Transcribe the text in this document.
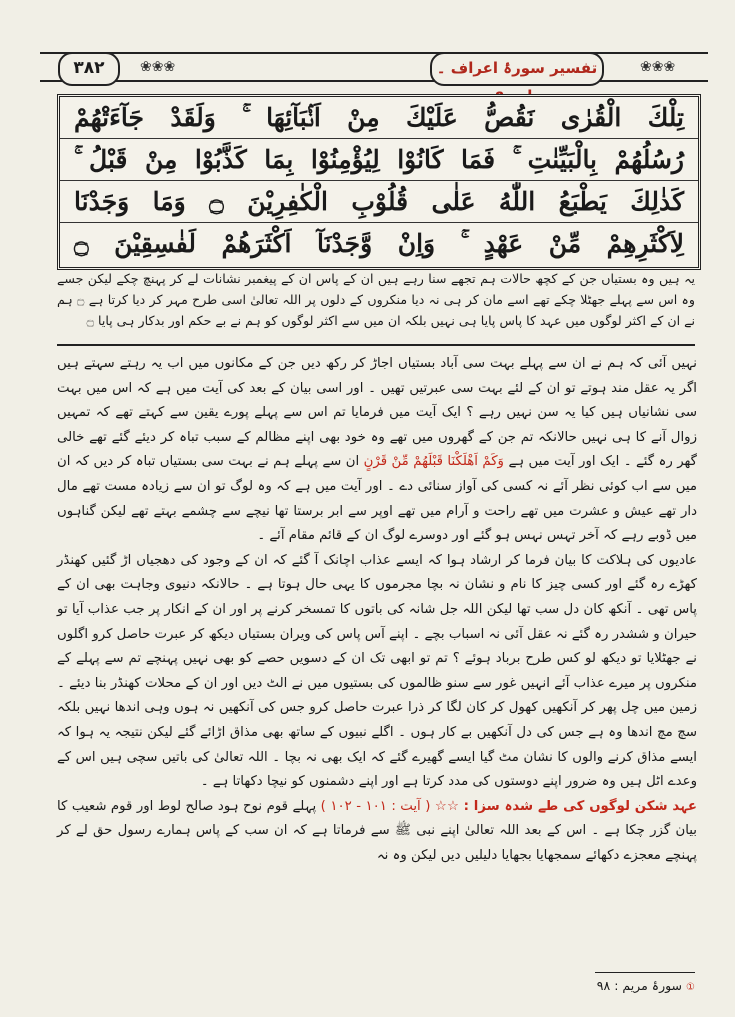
❀❀❀	❀❀❀
۳۸۲	تفسیر سورۂ اعراف ۔
تِلْكَ الْقُرٰى نَقُصُّ عَلَيْكَ مِنْ اَنْۢبَآئِهَا ۚ وَلَقَدْ جَآءَتْهُمْ
رُسُلُهُمْ بِالْبَيِّنٰتِ ۚ فَمَا كَانُوْا لِيُؤْمِنُوْا بِمَا كَذَّبُوْا مِنْ قَبْلُ ۚ
كَذٰلِكَ يَطْبَعُ اللّٰهُ عَلٰى قُلُوْبِ الْكٰفِرِيْنَ ۝ وَمَا وَجَدْنَا
لِاَكْثَرِهِمْ مِّنْ عَهْدٍ ۚ وَاِنْ وَّجَدْنَآ اَكْثَرَهُمْ لَفٰسِقِيْنَ ۝
یہ ہیں وہ بستیاں جن کے کچھ حالات ہم تجھے سنا رہے ہیں ان کے پاس ان کے پیغمبر نشانات لے کر پہنچ چکے لیکن جسے وہ اس سے پہلے جھٹلا چکے تھے اسے مان کر ہی نہ دیا منکروں کے دلوں پر اللہ تعالیٰ اسی طرح مہر کر دیا کرتا ہے ۝ ہم نے ان کے اکثر لوگوں میں عہد کا پاس پایا ہی نہیں بلکہ ان میں سے اکثر لوگوں کو ہم نے بے حکم اور بدکار ہی پایا ۝

نہیں آئی کہ ہم نے ان سے پہلے بہت سی آباد بستیاں اجاڑ کر رکھ دیں جن کے مکانوں میں اب یہ رہتے سہتے ہیں اگر یہ عقل مند ہوتے تو ان کے لئے بہت سی عبرتیں تھیں ۔ اور اسی بیان کے بعد کی آیت میں ہے کہ اس میں بہت سی نشانیاں ہیں کیا یہ سن نہیں رہے ؟ ایک آیت میں فرمایا تم اس سے پہلے پورے یقین سے کہتے تھے کہ تمہیں زوال آنے کا ہی نہیں حالانکہ تم جن کے گھروں میں تھے وہ خود بھی اپنے مظالم کے سبب تباہ کر دیئے گئے تھے خالی گھر رہ گئے ۔ ایک اور آیت میں ہے وَكَمْ اَهْلَكْنَا قَبْلَهُمْ مِّنْ قَرْنٍ ان سے پہلے ہم نے بہت سی بستیاں تباہ کر دیں کہ ان میں سے اب کوئی نظر آئے نہ کسی کی آواز سنائی دے ۔ اور آیت میں ہے کہ وہ لوگ تو ان سے زیادہ مست تھے مال دار تھے عیش و عشرت میں تھے راحت و آرام میں تھے اوپر سے ابر برستا تھا نیچے سے چشمے بہتے تھے لیکن گناہوں میں ڈوبے رہے کہ آخر تہس نہس ہو گئے اور دوسرے لوگ ان کے قائم مقام آئے ۔

عادیوں کی ہلاکت کا بیان فرما کر ارشاد ہوا کہ ایسے عذاب اچانک آ گئے کہ ان کے وجود کی دھجیاں اڑ گئیں کھنڈر کھڑے رہ گئے اور کسی چیز کا نام و نشان نہ بچا مجرموں کا یہی حال ہوتا ہے ۔ حالانکہ دنیوی وجاہت بھی ان کے پاس تھی ۔ آنکھ کان دل سب تھا لیکن اللہ جل شانہ کی باتوں کا تمسخر کرنے پر اور ان کے انکار پر جب عذاب آیا تو حیران و ششدر رہ گئے نہ عقل آئی نہ اسباب بچے ۔ اپنے آس پاس کی ویران بستیاں دیکھ کر عبرت حاصل کرو اگلوں نے جھٹلایا تو دیکھ لو کس طرح برباد ہوئے ؟ تم تو ابھی تک ان کے دسویں حصے کو بھی نہیں پہنچے تم سے پہلے کے منکروں پر میرے عذاب آئے انہیں غور سے سنو ظالموں کی بستیوں میں نے الٹ دیں اور ان کے محلات کھنڈر بنا دیئے ۔ زمین میں چل پھر کر آنکھیں کھول کر کان لگا کر ذرا عبرت حاصل کرو جس کی آنکھیں نہ ہوں وہی اندھا نہیں بلکہ سچ مچ اندھا وہ ہے جس کی دل آنکھیں بے کار ہوں ۔ اگلے نبیوں کے ساتھ بھی مذاق اڑائے گئے لیکن نتیجہ یہ ہوا کہ ایسے مذاق کرنے والوں کا نشان مٹ گیا ایسے گھیرے گئے کہ ایک بھی نہ بچا ۔ اللہ تعالیٰ کی باتیں سچی ہیں اس کے وعدے اٹل ہیں وہ ضرور اپنے دوستوں کی مدد کرتا ہے اور اپنے دشمنوں کو نیچا دکھاتا ہے ۔

عہد شکن لوگوں کی طے شدہ سزا : ☆☆ ( آیت : ۱۰۱ - ۱۰۲ ) پہلے قوم نوح ہود صالح لوط اور قوم شعیب کا بیان گزر چکا ہے ۔ اس کے بعد اللہ تعالیٰ اپنے نبی ﷺ سے فرماتا ہے کہ ان سب کے پاس ہمارے رسول حق لے کر پہنچے معجزے دکھائے سمجھایا بجھایا دلیلیں دیں لیکن وہ نہ

① سورۂ مریم : ۹۸
